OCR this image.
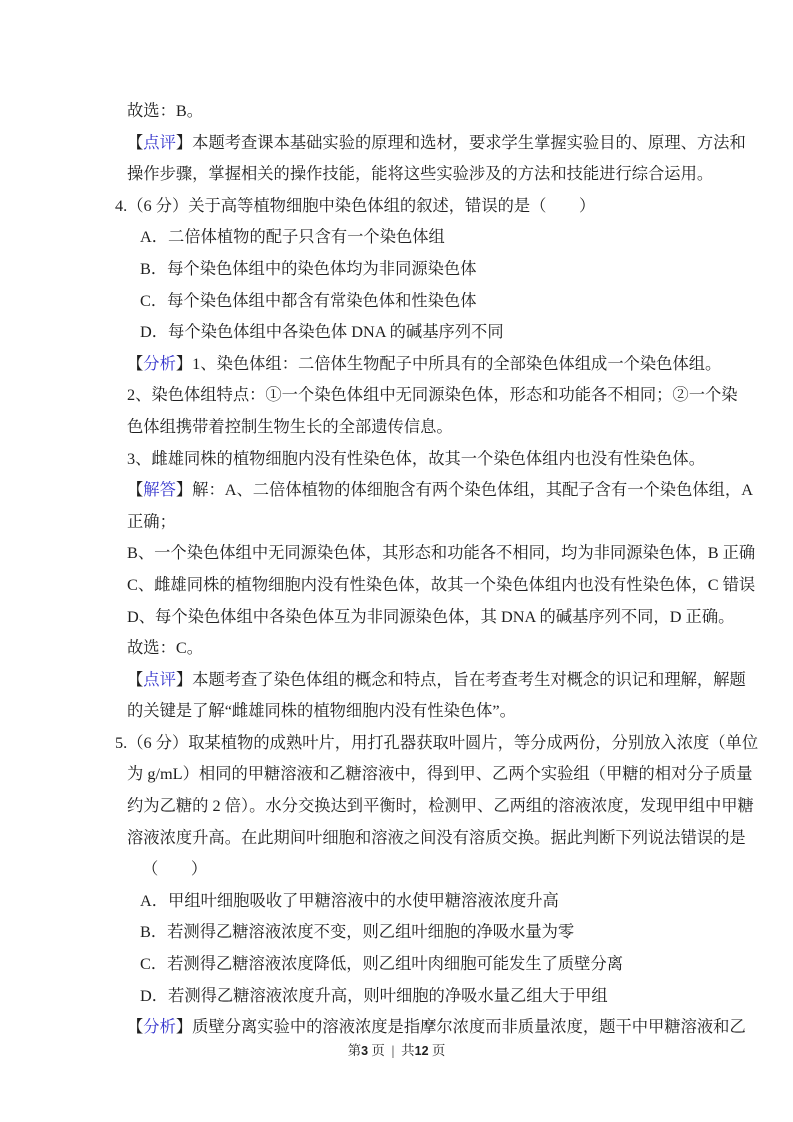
故选：B。
【点评】本题考查课本基础实验的原理和选材，要求学生掌握实验目的、原理、方法和
操作步骤，掌握相关的操作技能，能将这些实验涉及的方法和技能进行综合运用。
4.（6 分）关于高等植物细胞中染色体组的叙述，错误的是（　　）
A．二倍体植物的配子只含有一个染色体组
B．每个染色体组中的染色体均为非同源染色体
C．每个染色体组中都含有常染色体和性染色体
D．每个染色体组中各染色体 DNA 的碱基序列不同
【分析】1、染色体组：二倍体生物配子中所具有的全部染色体组成一个染色体组。
2、染色体组特点：①一个染色体组中无同源染色体，形态和功能各不相同；②一个染
色体组携带着控制生物生长的全部遗传信息。
3、雌雄同株的植物细胞内没有性染色体，故其一个染色体组内也没有性染色体。
【解答】解：A、二倍体植物的体细胞含有两个染色体组，其配子含有一个染色体组，A
正确；
B、一个染色体组中无同源染色体，其形态和功能各不相同，均为非同源染色体，B 正确
C、雌雄同株的植物细胞内没有性染色体，故其一个染色体组内也没有性染色体，C 错误
D、每个染色体组中各染色体互为非同源染色体，其 DNA 的碱基序列不同，D 正确。
故选：C。
【点评】本题考查了染色体组的概念和特点，旨在考查考生对概念的识记和理解，解题
的关键是了解“雌雄同株的植物细胞内没有性染色体”。
5.（6 分）取某植物的成熟叶片，用打孔器获取叶圆片，等分成两份，分别放入浓度（单位
为 g/mL）相同的甲糖溶液和乙糖溶液中，得到甲、乙两个实验组（甲糖的相对分子质量
约为乙糖的 2 倍）。水分交换达到平衡时，检测甲、乙两组的溶液浓度，发现甲组中甲糖
溶液浓度升高。在此期间叶细胞和溶液之间没有溶质交换。据此判断下列说法错误的是
（　　）
A．甲组叶细胞吸收了甲糖溶液中的水使甲糖溶液浓度升高
B．若测得乙糖溶液浓度不变，则乙组叶细胞的净吸水量为零
C．若测得乙糖溶液浓度降低，则乙组叶肉细胞可能发生了质壁分离
D．若测得乙糖溶液浓度升高，则叶细胞的净吸水量乙组大于甲组
【分析】质壁分离实验中的溶液浓度是指摩尔浓度而非质量浓度，题干中甲糖溶液和乙
第3 页  |  共12 页
